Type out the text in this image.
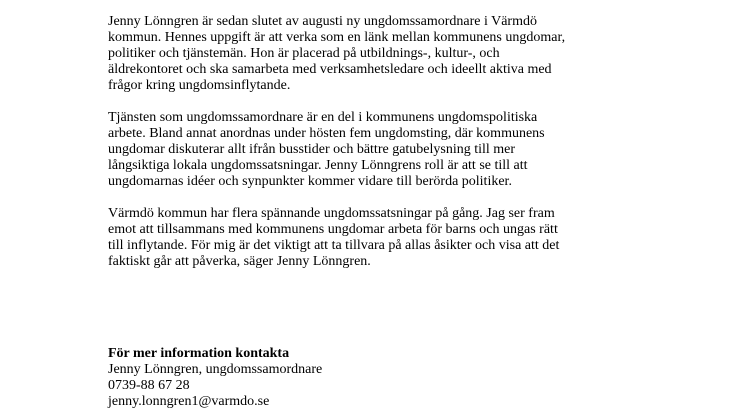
Jenny Lönngren är sedan slutet av augusti ny ungdomssamordnare i Värmdö
kommun. Hennes uppgift är att verka som en länk mellan kommunens ungdomar,
politiker och tjänstemän. Hon är placerad på utbildnings-, kultur-, och
äldrekontoret och ska samarbeta med verksamhetsledare och ideellt aktiva med
frågor kring ungdomsinflytande.

Tjänsten som ungdomssamordnare är en del i kommunens ungdomspolitiska
arbete. Bland annat anordnas under hösten fem ungdomsting, där kommunens
ungdomar diskuterar allt ifrån busstider och bättre gatubelysning till mer
långsiktiga lokala ungdomssatsningar. Jenny Lönngrens roll är att se till att
ungdomarnas idéer och synpunkter kommer vidare till berörda politiker.

Värmdö kommun har flera spännande ungdomssatsningar på gång. Jag ser fram
emot att tillsammans med kommunens ungdomar arbeta för barns och ungas rätt
till inflytande. För mig är det viktigt att ta tillvara på allas åsikter och visa att det
faktiskt går att påverka, säger Jenny Lönngren.

För mer information kontakta
Jenny Lönngren, ungdomssamordnare
0739-88 67 28
jenny.lonngren1@varmdo.se
